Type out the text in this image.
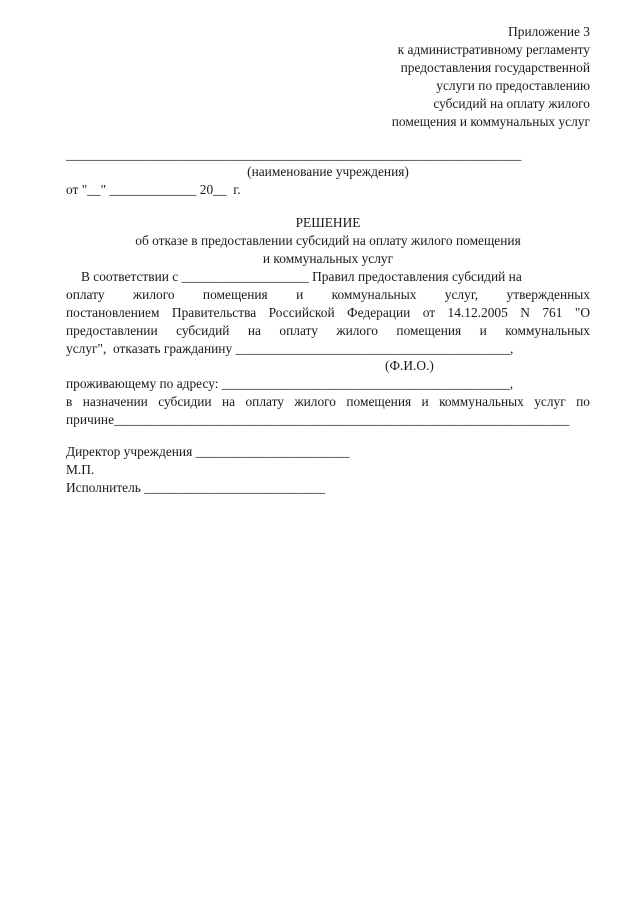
Приложение 3
к административному регламенту
предоставления государственной
услуги по предоставлению
субсидий на оплату жилого
помещения и коммунальных услуг
____________________________________________________________________
(наименование учреждения)
от "__" _____________ 20__  г.
РЕШЕНИЕ
об отказе в предоставлении субсидий на оплату жилого помещения
и коммунальных услуг
В соответствии с ___________________ Правил предоставления субсидий на
оплату жилого помещения и коммунальных услуг, утвержденных
постановлением Правительства Российской Федерации от 14.12.2005 N 761 "О
предоставлении субсидий на оплату жилого помещения и коммунальных
услуг",  отказать гражданину _________________________________________,
(Ф.И.О.)
проживающему по адресу: ___________________________________________,
в назначении субсидии на оплату жилого помещения и коммунальных услуг по
причине____________________________________________________________________
Директор учреждения _______________________
М.П.
Исполнитель ___________________________
